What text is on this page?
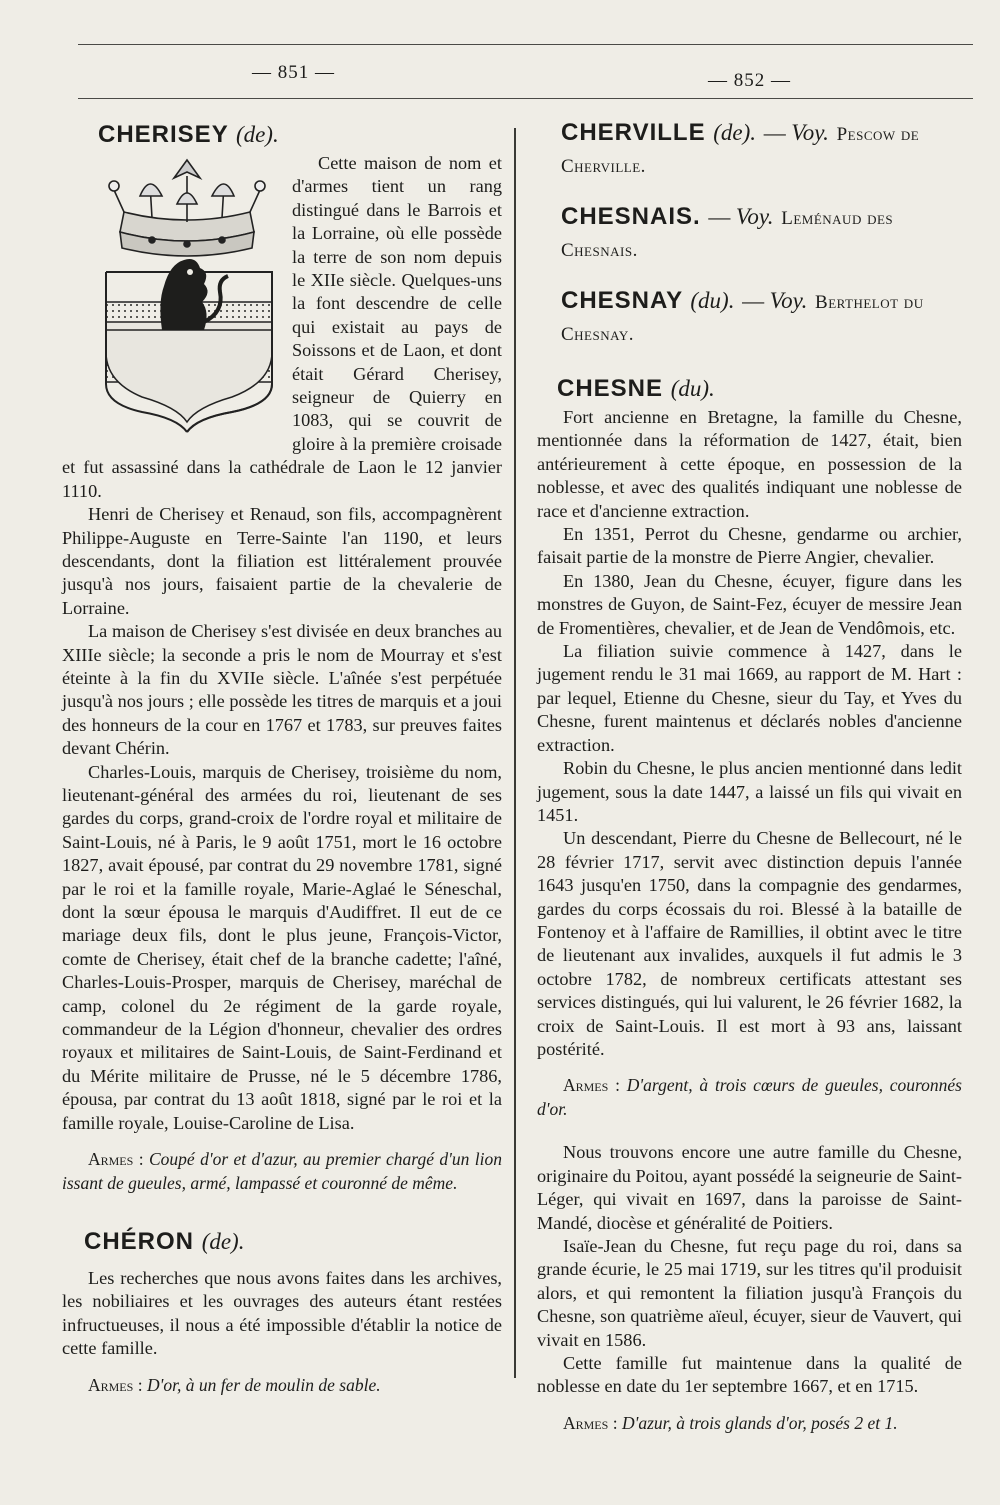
— 851 —	— 852 —
CHERISEY (de).

Cette maison de nom et d'armes tient un rang distingué dans le Barrois et la Lorraine, où elle possède la terre de son nom depuis le XIIe siècle. Quelques-uns la font descendre de celle qui existait au pays de Soissons et de Laon, et dont était Gérard Cherisey, seigneur de Quierry en 1083, qui se couvrit de gloire à la première croisade et fut assassiné dans la cathédrale de Laon le 12 janvier 1110.

Henri de Cherisey et Renaud, son fils, accompagnèrent Philippe-Auguste en Terre-Sainte l'an 1190, et leurs descendants, dont la filiation est littéralement prouvée jusqu'à nos jours, faisaient partie de la chevalerie de Lorraine.

La maison de Cherisey s'est divisée en deux branches au XIIIe siècle; la seconde a pris le nom de Mourray et s'est éteinte à la fin du XVIIe siècle. L'aînée s'est perpétuée jusqu'à nos jours ; elle possède les titres de marquis et a joui des honneurs de la cour en 1767 et 1783, sur preuves faites devant Chérin.

Charles-Louis, marquis de Cherisey, troisième du nom, lieutenant-général des armées du roi, lieutenant de ses gardes du corps, grand-croix de l'ordre royal et militaire de Saint-Louis, né à Paris, le 9 août 1751, mort le 16 octobre 1827, avait épousé, par contrat du 29 novembre 1781, signé par le roi et la famille royale, Marie-Aglaé le Séneschal, dont la sœur épousa le marquis d'Audiffret. Il eut de ce mariage deux fils, dont le plus jeune, François-Victor, comte de Cherisey, était chef de la branche cadette; l'aîné, Charles-Louis-Prosper, marquis de Cherisey, maréchal de camp, colonel du 2e régiment de la garde royale, commandeur de la Légion d'honneur, chevalier des ordres royaux et militaires de Saint-Louis, de Saint-Ferdinand et du Mérite militaire de Prusse, né le 5 décembre 1786, épousa, par contrat du 13 août 1818, signé par le roi et la famille royale, Louise-Caroline de Lisa.

Armes : Coupé d'or et d'azur, au premier chargé d'un lion issant de gueules, armé, lampassé et couronné de même.

CHÉRON (de).

Les recherches que nous avons faites dans les archives, les nobiliaires et les ouvrages des auteurs étant restées infructueuses, il nous a été impossible d'établir la notice de cette famille.

Armes : D'or, à un fer de moulin de sable.

CHERVILLE (de). — Voy. Pescow de Cherville.
CHESNAIS. — Voy. Leménaud des Chesnais.
CHESNAY (du). — Voy. Berthelot du Chesnay.
CHESNE (du).

Fort ancienne en Bretagne, la famille du Chesne, mentionnée dans la réformation de 1427, était, bien antérieurement à cette époque, en possession de la noblesse, et avec des qualités indiquant une noblesse de race et d'ancienne extraction.

En 1351, Perrot du Chesne, gendarme ou archier, faisait partie de la monstre de Pierre Angier, chevalier.

En 1380, Jean du Chesne, écuyer, figure dans les monstres de Guyon, de Saint-Fez, écuyer de messire Jean de Fromentières, chevalier, et de Jean de Vendômois, etc.

La filiation suivie commence à 1427, dans le jugement rendu le 31 mai 1669, au rapport de M. Hart : par lequel, Etienne du Chesne, sieur du Tay, et Yves du Chesne, furent maintenus et déclarés nobles d'ancienne extraction.

Robin du Chesne, le plus ancien mentionné dans ledit jugement, sous la date 1447, a laissé un fils qui vivait en 1451.

Un descendant, Pierre du Chesne de Bellecourt, né le 28 février 1717, servit avec distinction depuis l'année 1643 jusqu'en 1750, dans la compagnie des gendarmes, gardes du corps écossais du roi. Blessé à la bataille de Fontenoy et à l'affaire de Ramillies, il obtint avec le titre de lieutenant aux invalides, auxquels il fut admis le 3 octobre 1782, de nombreux certificats attestant ses services distingués, qui lui valurent, le 26 février 1682, la croix de Saint-Louis. Il est mort à 93 ans, laissant postérité.

Armes : D'argent, à trois cœurs de gueules, couronnés d'or.

Nous trouvons encore une autre famille du Chesne, originaire du Poitou, ayant possédé la seigneurie de Saint-Léger, qui vivait en 1697, dans la paroisse de Saint-Mandé, diocèse et généralité de Poitiers.

Isaïe-Jean du Chesne, fut reçu page du roi, dans sa grande écurie, le 25 mai 1719, sur les titres qu'il produisit alors, et qui remontent la filiation jusqu'à François du Chesne, son quatrième aïeul, écuyer, sieur de Vauvert, qui vivait en 1586.

Cette famille fut maintenue dans la qualité de noblesse en date du 1er septembre 1667, et en 1715.

Armes : D'azur, à trois glands d'or, posés 2 et 1.
